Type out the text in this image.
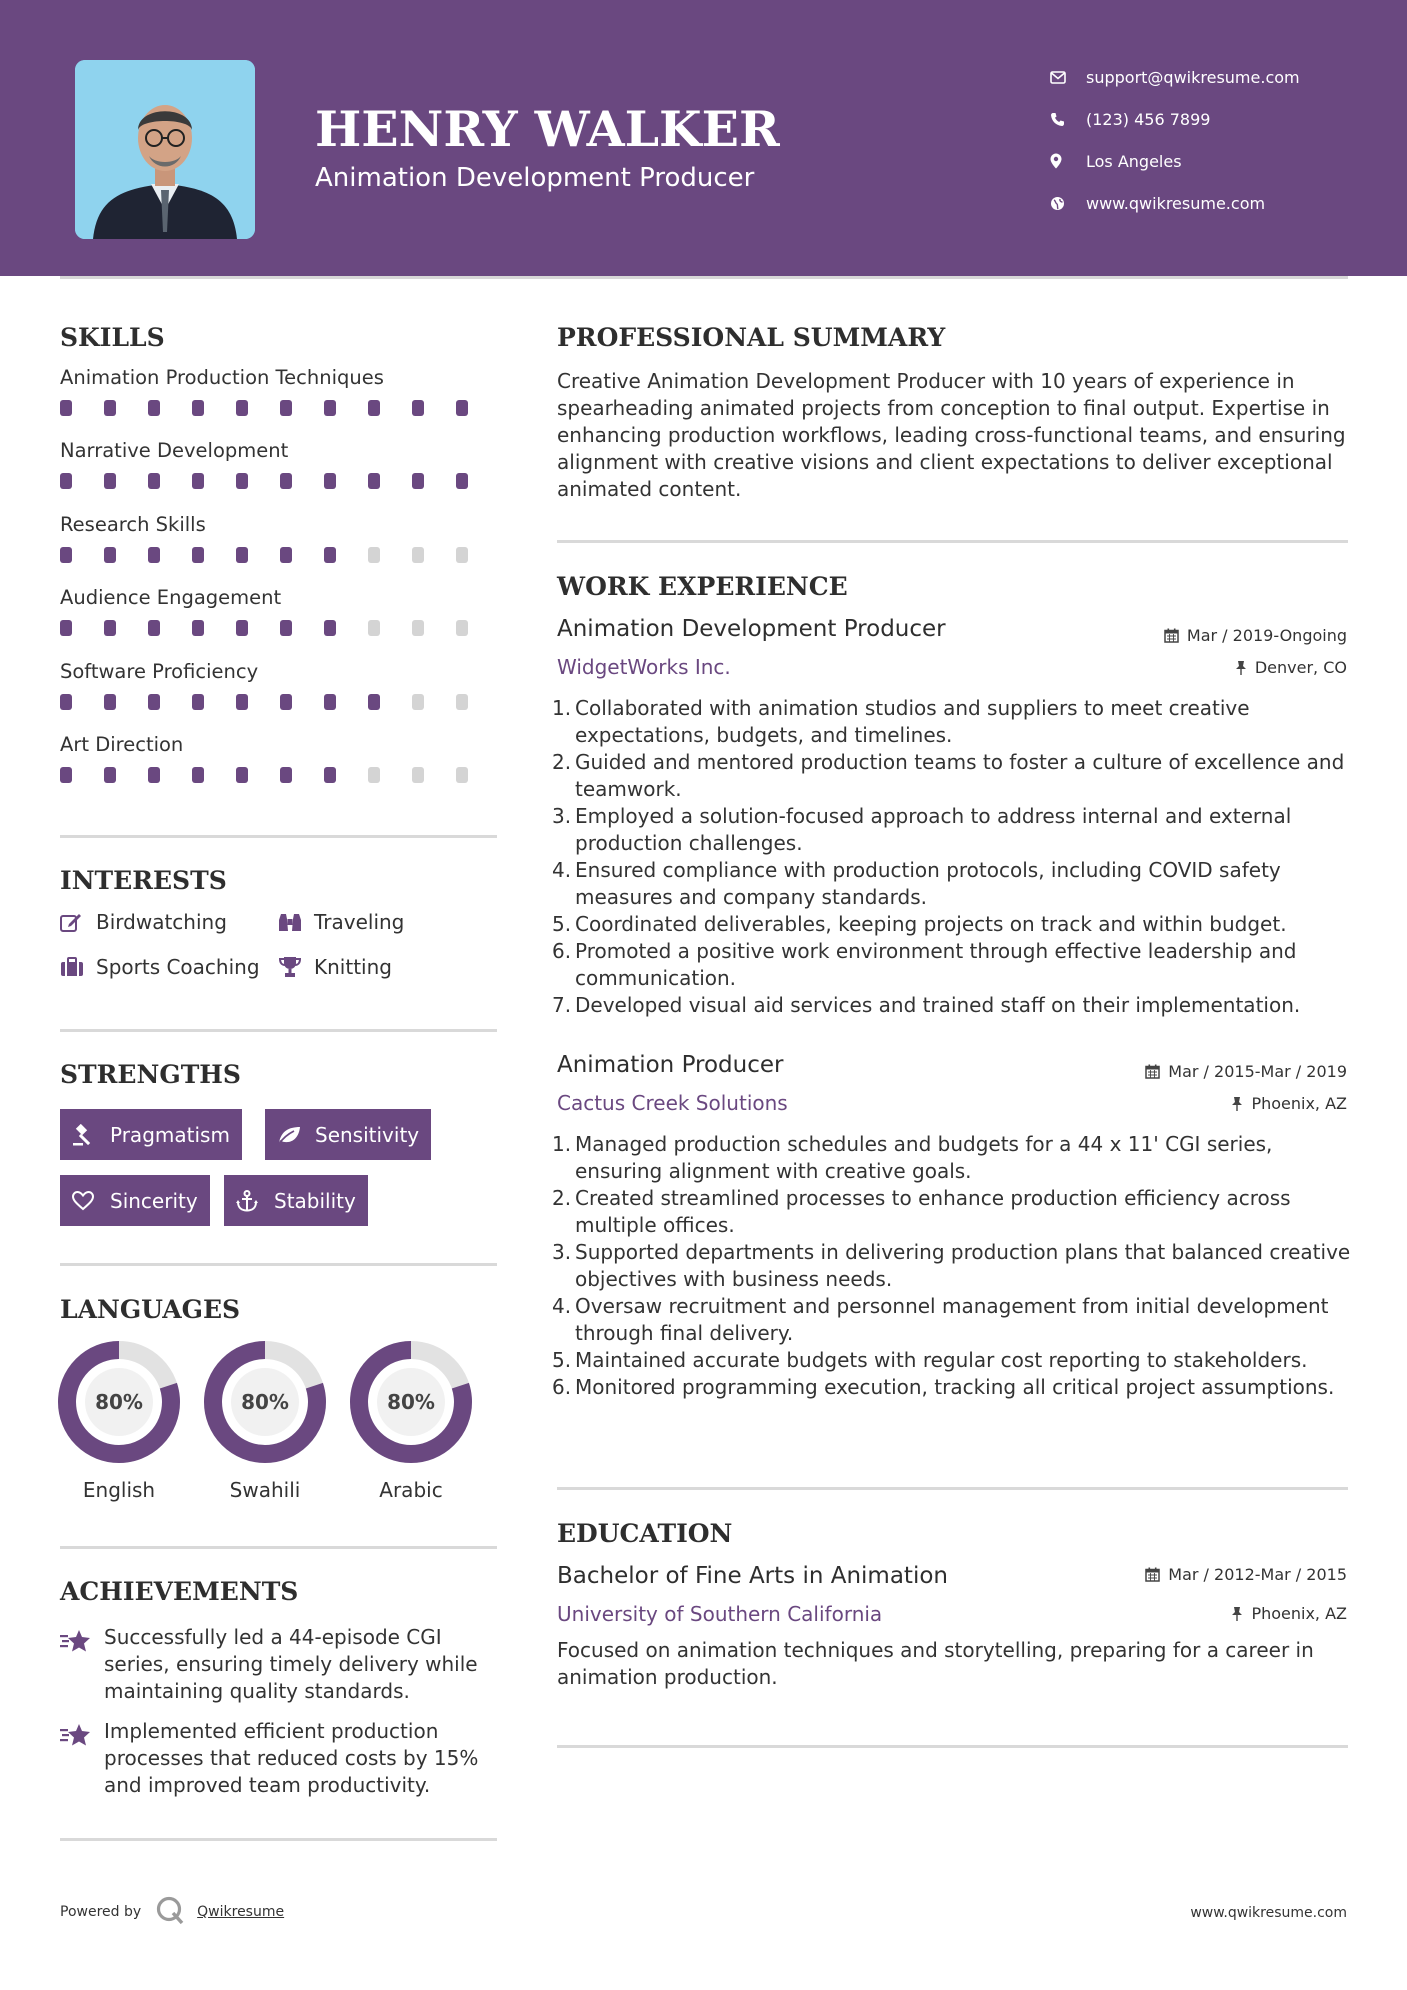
HENRY WALKER
Animation Development Producer
support@qwikresume.com
(123) 456 7899
Los Angeles
www.qwikresume.com
SKILLS
Animation Production Techniques
Narrative Development
Research Skills
Audience Engagement
Software Proficiency
Art Direction
INTERESTS
Birdwatching	Traveling
Sports Coaching	Knitting
STRENGTHS
Pragmatism	Sensitivity
Sincerity	Stability
LANGUAGES
80%
English
80%
Swahili
80%
Arabic
ACHIEVEMENTS
Successfully led a 44-episode CGI series, ensuring timely delivery while maintaining quality standards.
Implemented efficient production processes that reduced costs by 15% and improved team productivity.
PROFESSIONAL SUMMARY
Creative Animation Development Producer with 10 years of experience in spearheading animated projects from conception to final output. Expertise in enhancing production workflows, leading cross-functional teams, and ensuring alignment with creative visions and client expectations to deliver exceptional animated content.
WORK EXPERIENCE
Animation Development Producer
WidgetWorks Inc.
Mar / 2019-Ongoing
Denver, CO
1. Collaborated with animation studios and suppliers to meet creative expectations, budgets, and timelines.
2. Guided and mentored production teams to foster a culture of excellence and teamwork.
3. Employed a solution-focused approach to address internal and external production challenges.
4. Ensured compliance with production protocols, including COVID safety measures and company standards.
5. Coordinated deliverables, keeping projects on track and within budget.
6. Promoted a positive work environment through effective leadership and communication.
7. Developed visual aid services and trained staff on their implementation.
Animation Producer
Cactus Creek Solutions
Mar / 2015-Mar / 2019
Phoenix, AZ
1. Managed production schedules and budgets for a 44 x 11' CGI series, ensuring alignment with creative goals.
2. Created streamlined processes to enhance production efficiency across multiple offices.
3. Supported departments in delivering production plans that balanced creative objectives with business needs.
4. Oversaw recruitment and personnel management from initial development through final delivery.
5. Maintained accurate budgets with regular cost reporting to stakeholders.
6. Monitored programming execution, tracking all critical project assumptions.
EDUCATION
Bachelor of Fine Arts in Animation
University of Southern California
Mar / 2012-Mar / 2015
Phoenix, AZ
Focused on animation techniques and storytelling, preparing for a career in animation production.
Powered by	Qwikresume	www.qwikresume.com
